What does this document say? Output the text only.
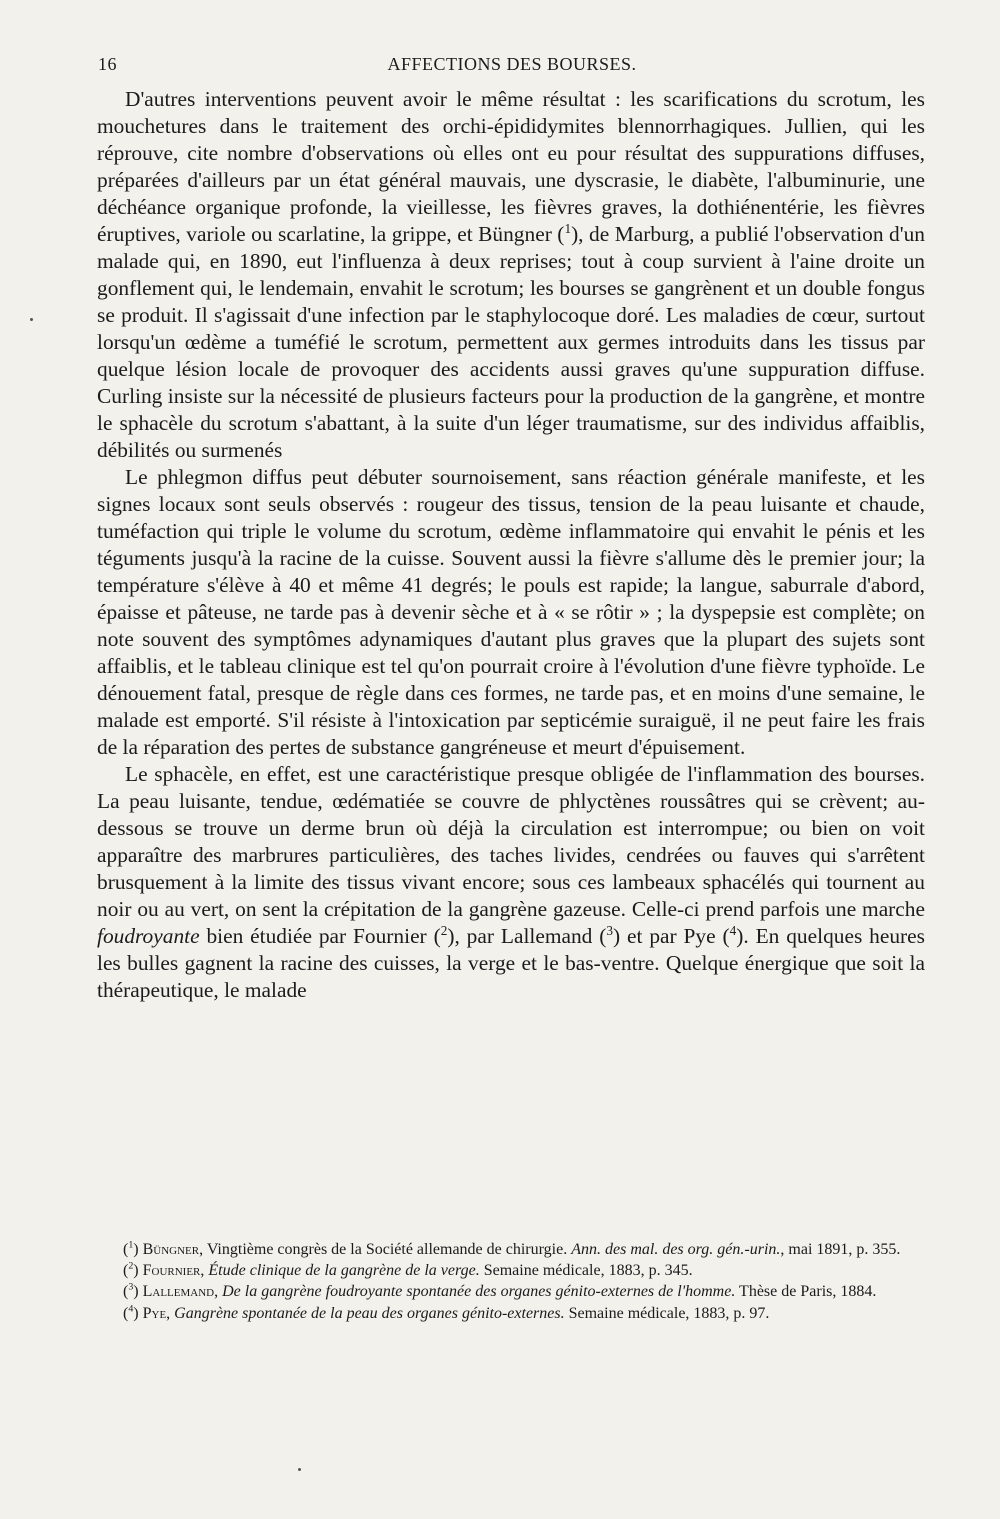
16	AFFECTIONS DES BOURSES.

D'autres interventions peuvent avoir le même résultat : les scarifications du scrotum, les mouchetures dans le traitement des orchi-épididymites blennorrhagiques. Jullien, qui les réprouve, cite nombre d'observations où elles ont eu pour résultat des suppurations diffuses, préparées d'ailleurs par un état général mauvais, une dyscrasie, le diabète, l'albuminurie, une déchéance organique profonde, la vieillesse, les fièvres graves, la dothiénentérie, les fièvres éruptives, variole ou scarlatine, la grippe, et Büngner ($^1$), de Marburg, a publié l'observation d'un malade qui, en 1890, eut l'influenza à deux reprises; tout à coup survient à l'aine droite un gonflement qui, le lendemain, envahit le scrotum; les bourses se gangrènent et un double fongus se produit. Il s'agissait d'une infection par le staphylocoque doré. Les maladies de cœur, surtout lorsqu'un œdème a tuméfié le scrotum, permettent aux germes introduits dans les tissus par quelque lésion locale de provoquer des accidents aussi graves qu'une suppuration diffuse. Curling insiste sur la nécessité de plusieurs facteurs pour la production de la gangrène, et montre le sphacèle du scrotum s'abattant, à la suite d'un léger traumatisme, sur des individus affaiblis, débilités ou surmenés

Le phlegmon diffus peut débuter sournoisement, sans réaction générale manifeste, et les signes locaux sont seuls observés : rougeur des tissus, tension de la peau luisante et chaude, tuméfaction qui triple le volume du scrotum, œdème inflammatoire qui envahit le pénis et les téguments jusqu'à la racine de la cuisse. Souvent aussi la fièvre s'allume dès le premier jour; la température s'élève à 40 et même 41 degrés; le pouls est rapide; la langue, saburrale d'abord, épaisse et pâteuse, ne tarde pas à devenir sèche et à « se rôtir » ; la dyspepsie est complète; on note souvent des symptômes adynamiques d'autant plus graves que la plupart des sujets sont affaiblis, et le tableau clinique est tel qu'on pourrait croire à l'évolution d'une fièvre typhoïde. Le dénouement fatal, presque de règle dans ces formes, ne tarde pas, et en moins d'une semaine, le malade est emporté. S'il résiste à l'intoxication par septicémie suraiguë, il ne peut faire les frais de la réparation des pertes de substance gangréneuse et meurt d'épuisement.

Le sphacèle, en effet, est une caractéristique presque obligée de l'inflammation des bourses. La peau luisante, tendue, œdématiée se couvre de phlyctènes roussâtres qui se crèvent; au-dessous se trouve un derme brun où déjà la circulation est interrompue; ou bien on voit apparaître des marbrures particulières, des taches livides, cendrées ou fauves qui s'arrêtent brusquement à la limite des tissus vivant encore; sous ces lambeaux sphacélés qui tournent au noir ou au vert, on sent la crépitation de la gangrène gazeuse. Celle-ci prend parfois une marche foudroyante bien étudiée par Fournier ($^2$), par Lallemand ($^3$) et par Pye ($^4$). En quelques heures les bulles gagnent la racine des cuisses, la verge et le bas-ventre. Quelque énergique que soit la thérapeutique, le malade

($^1$) Büngner, Vingtième congrès de la Société allemande de chirurgie. Ann. des mal. des org. gén.-urin., mai 1891, p. 355.

($^2$) Fournier, Étude clinique de la gangrène de la verge. Semaine médicale, 1883, p. 345.

($^3$) Lallemand, De la gangrène foudroyante spontanée des organes génito-externes de l'homme. Thèse de Paris, 1884.

($^4$) Pye, Gangrène spontanée de la peau des organes génito-externes. Semaine médicale, 1883, p. 97.
